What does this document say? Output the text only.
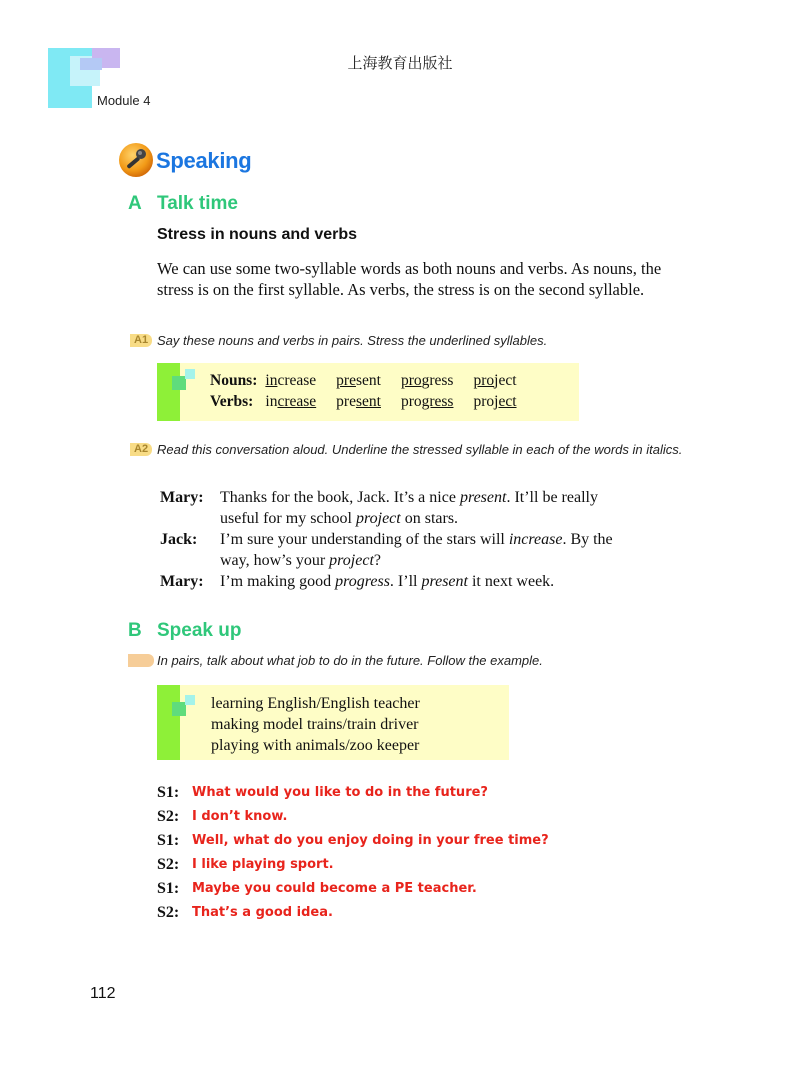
上海教育出版社
Module 4
Speaking
A Talk time
Stress in nouns and verbs
We can use some two-syllable words as both nouns and verbs. As nouns, the stress is on the first syllable. As verbs, the stress is on the second syllable.
A1 Say these nouns and verbs in pairs. Stress the underlined syllables.
Nouns:	increase	present	progress	project
Verbs:	increase	present	progress	project
A2 Read this conversation aloud. Underline the stressed syllable in each of the words in italics.
Mary: Thanks for the book, Jack. It’s a nice present. It’ll be really
useful for my school project on stars.
Jack: I’m sure your understanding of the stars will increase. By the
way, how’s your project?
Mary: I’m making good progress. I’ll present it next week.
B Speak up
In pairs, talk about what job to do in the future. Follow the example.
learning English/English teacher
making model trains/train driver
playing with animals/zoo keeper
S1: What would you like to do in the future?
S2: I don’t know.
S1: Well, what do you enjoy doing in your free time?
S2: I like playing sport.
S1: Maybe you could become a PE teacher.
S2: That’s a good idea.
112
